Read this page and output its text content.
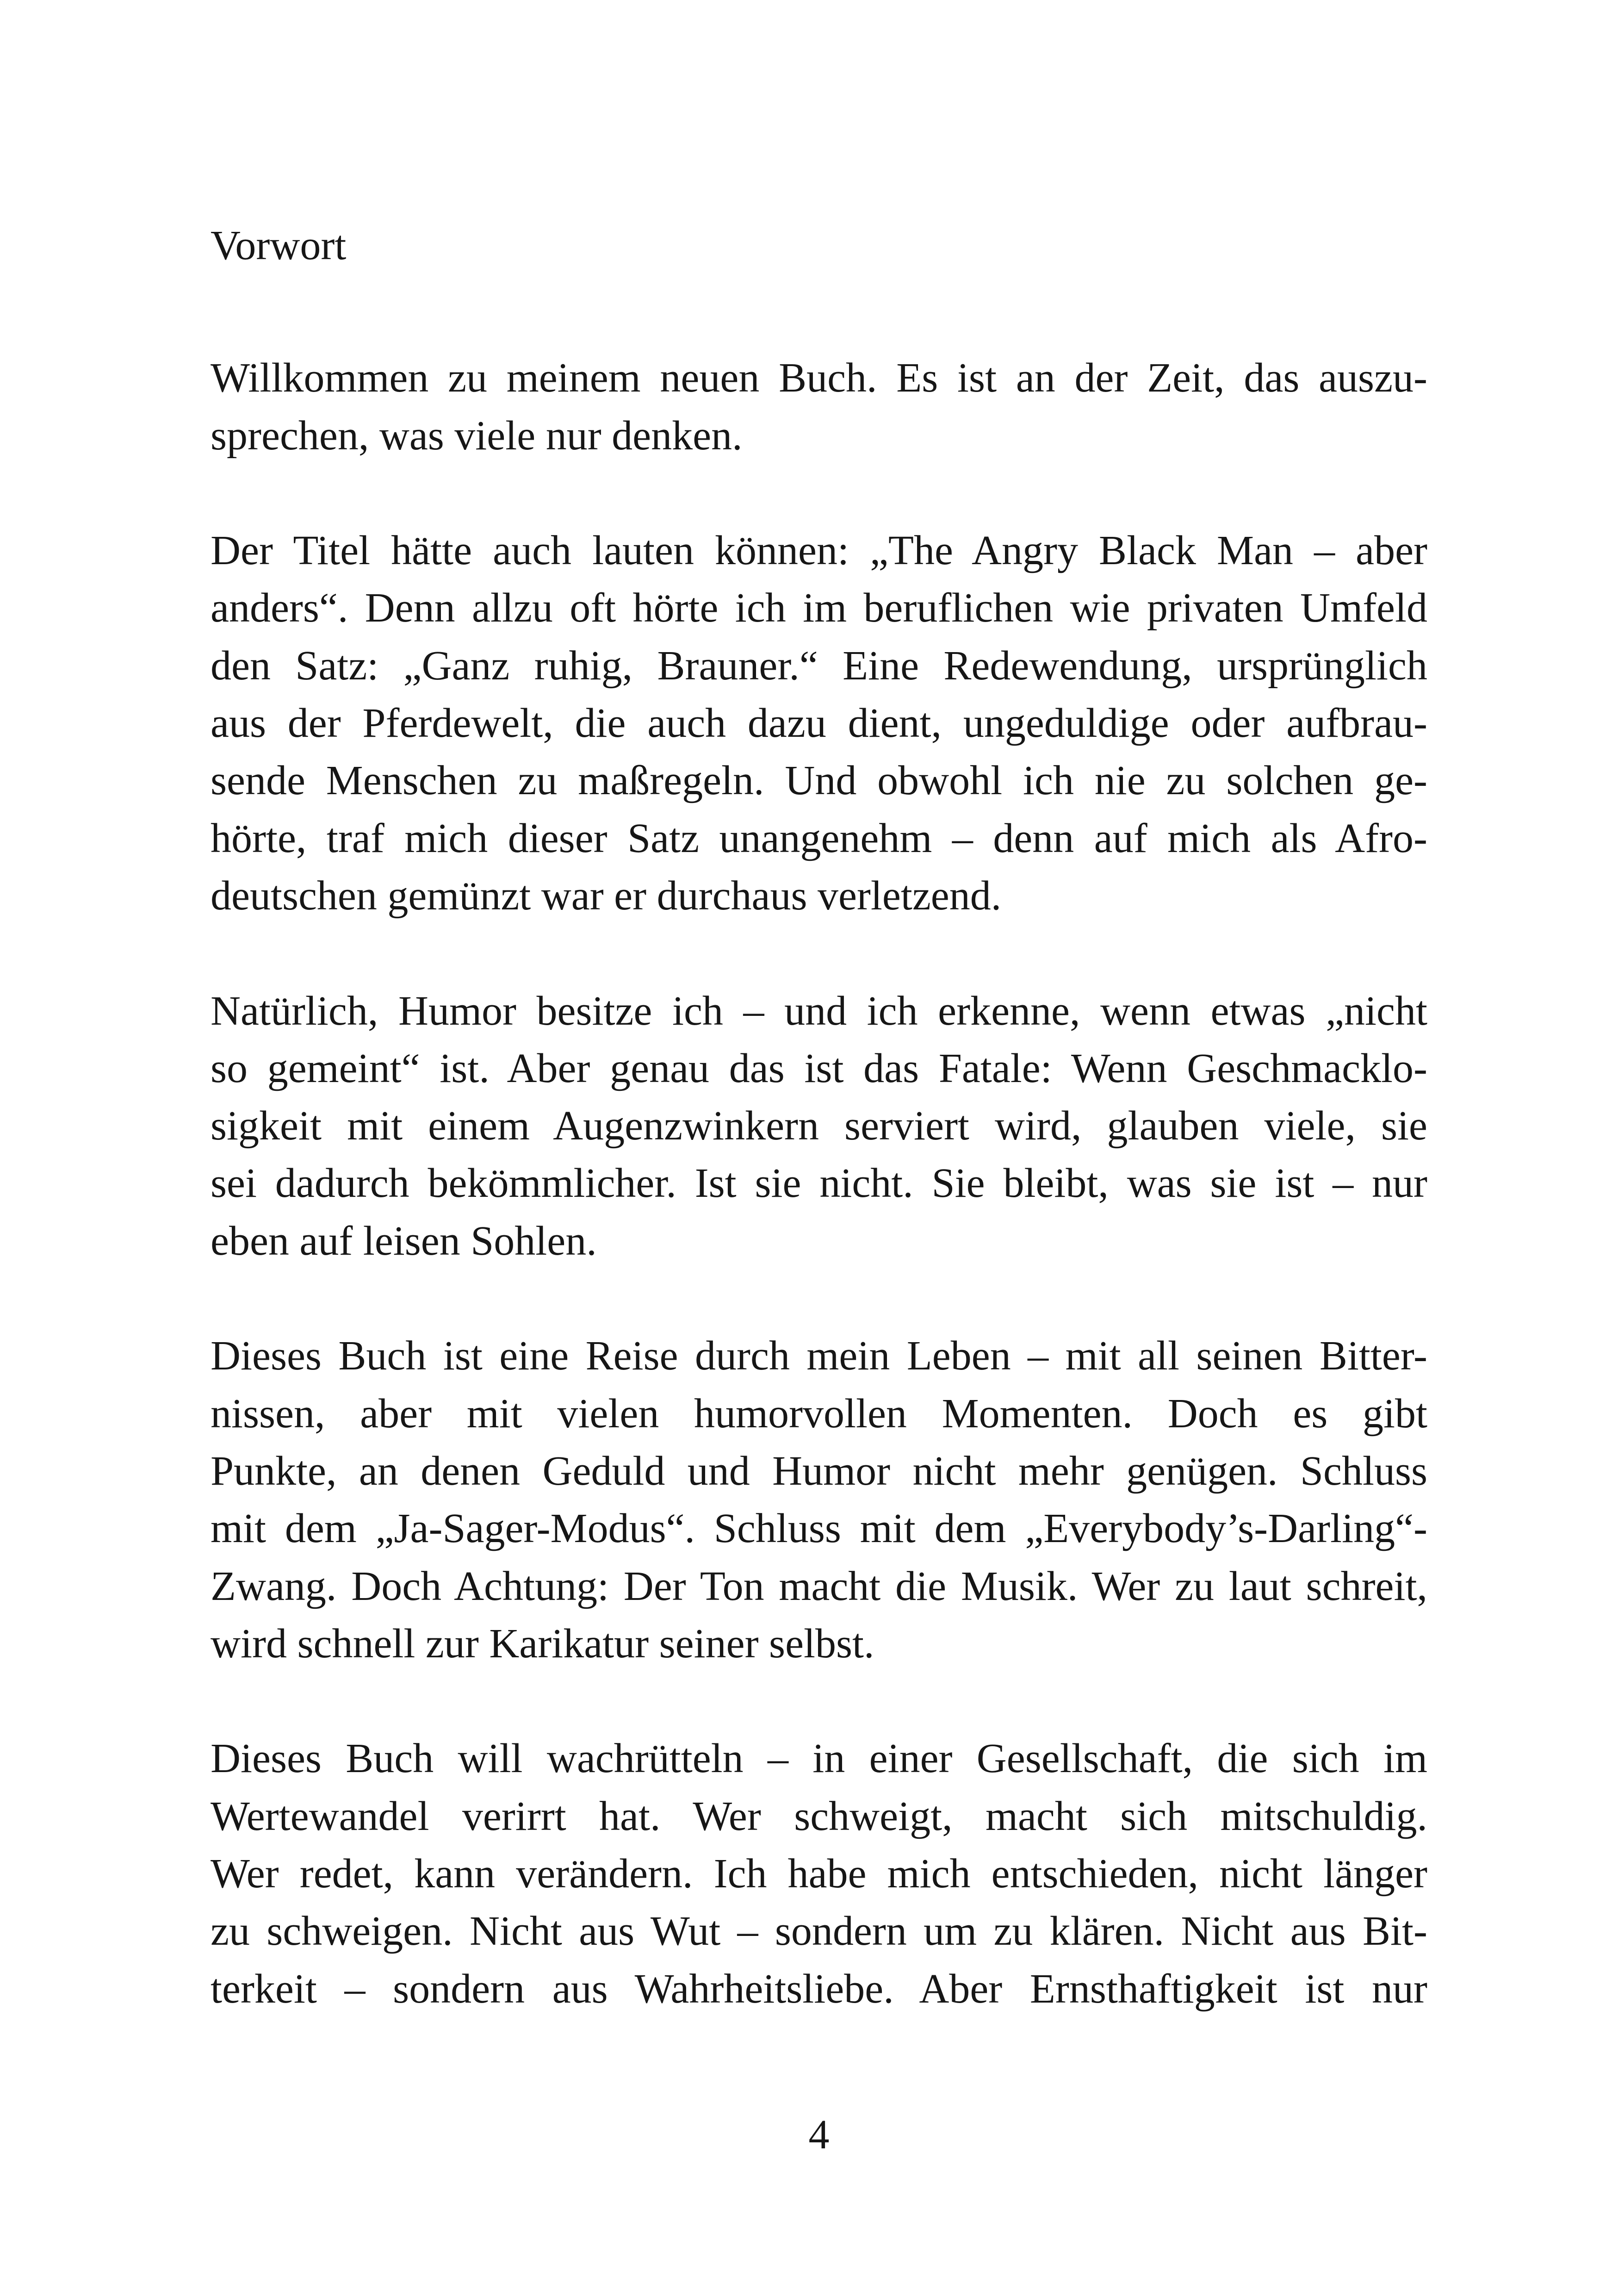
Vorwort
Willkommen zu meinem neuen Buch. Es ist an der Zeit, das auszu-
sprechen, was viele nur denken.
Der Titel hätte auch lauten können: „The Angry Black Man – aber
anders“. Denn allzu oft hörte ich im beruflichen wie privaten Umfeld
den Satz: „Ganz ruhig, Brauner.“ Eine Redewendung, ursprünglich
aus der Pferdewelt, die auch dazu dient, ungeduldige oder aufbrau-
sende Menschen zu maßregeln. Und obwohl ich nie zu solchen ge-
hörte, traf mich dieser Satz unangenehm – denn auf mich als Afro-
deutschen gemünzt war er durchaus verletzend.
Natürlich, Humor besitze ich – und ich erkenne, wenn etwas „nicht
so gemeint“ ist. Aber genau das ist das Fatale: Wenn Geschmacklo-
sigkeit mit einem Augenzwinkern serviert wird, glauben viele, sie
sei dadurch bekömmlicher. Ist sie nicht. Sie bleibt, was sie ist – nur
eben auf leisen Sohlen.
Dieses Buch ist eine Reise durch mein Leben – mit all seinen Bitter-
nissen, aber mit vielen humorvollen Momenten. Doch es gibt
Punkte, an denen Geduld und Humor nicht mehr genügen. Schluss
mit dem „Ja-Sager-Modus“. Schluss mit dem „Everybody’s-Darling“-
Zwang. Doch Achtung: Der Ton macht die Musik. Wer zu laut schreit,
wird schnell zur Karikatur seiner selbst.
Dieses Buch will wachrütteln – in einer Gesellschaft, die sich im
Wertewandel verirrt hat. Wer schweigt, macht sich mitschuldig.
Wer redet, kann verändern. Ich habe mich entschieden, nicht länger
zu schweigen. Nicht aus Wut – sondern um zu klären. Nicht aus Bit-
terkeit – sondern aus Wahrheitsliebe. Aber Ernsthaftigkeit ist nur
4
